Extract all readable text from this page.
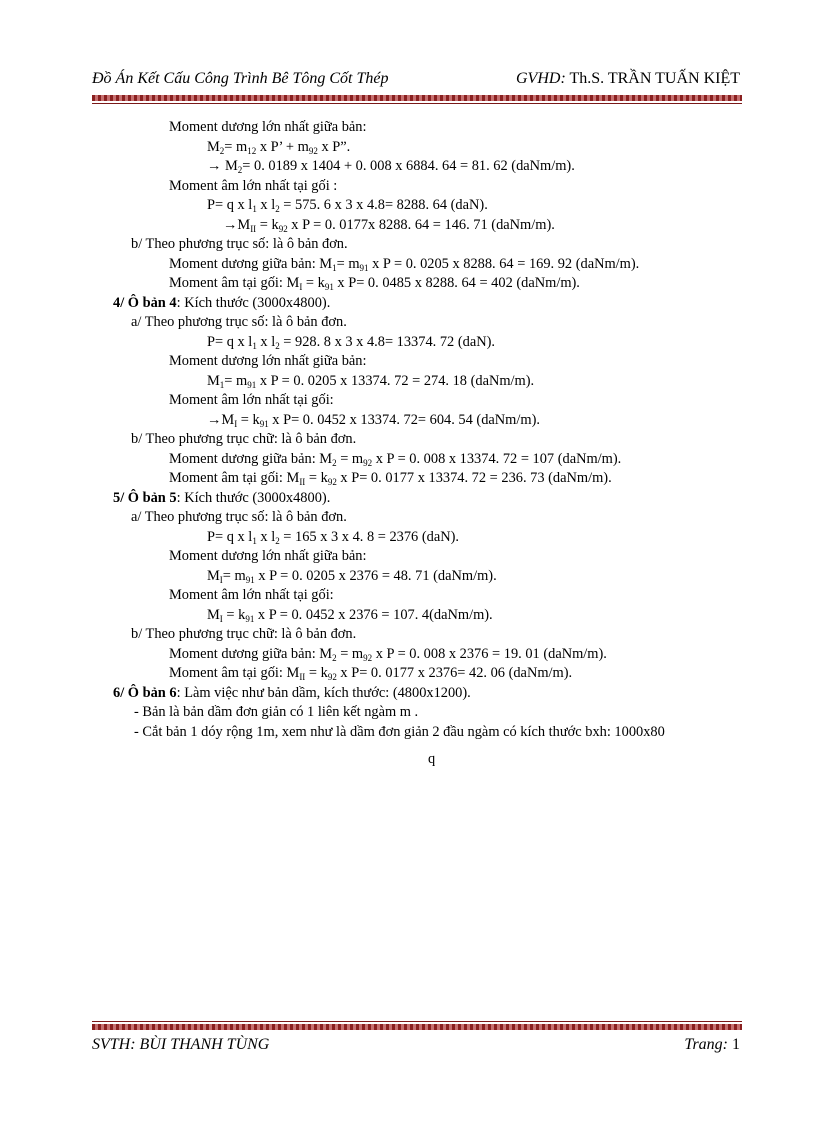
Đồ Án Kết Cấu Công Trình Bê Tông Cốt Thép	GVHD: Th.S. TRẦN TUẤN KIỆT
Moment dương lớn nhất giữa bản:
$M_2= m_{12}$ x P’ + $m_{92}$ x P”.
→ $M_2= 0$. 0189 x 1404 + 0. 008 x 6884. 64 = 81. 62 (daNm/m).
Moment âm lớn nhất tại gối :
P= q x $l_1$ x $l_2 = 575$. 6 x 3 x 4.8= 8288. 64 (daN).
$\to M_{II} = k_{92}$ x P = 0. 0177x 8288. 64 = 146. 71 (daNm/m).
b/ Theo phương trục số: là ô bản đơn.
Moment dương giữa bản: $M_1= m_{91}$ x P = 0. 0205 x 8288. 64 = 169. 92 (daNm/m).
Moment âm tại gối: $M_I = k_{91}$ x P= 0. 0485 x 8288. 64 = 402 (daNm/m).
4/ Ô bản 4: Kích thước (3000x4800).
a/ Theo phương trục số: là ô bản đơn.
P= q x $l_1$ x $l_2 = 928$. 8 x 3 x 4.8= 13374. 72 (daN).
Moment dương lớn nhất giữa bản:
$M_1= m_{91}$ x P = 0. 0205 x 13374. 72 = 274. 18 (daNm/m).
Moment âm lớn nhất tại gối:
$\to M_I = k_{91}$ x P= 0. 0452 x 13374. 72= 604. 54 (daNm/m).
b/ Theo phương trục chữ: là ô bản đơn.
Moment dương giữa bản: $M_2 = m_{92}$ x P = 0. 008 x 13374. 72 = 107 (daNm/m).
Moment âm tại gối: $M_{II} = k_{92}$ x P= 0. 0177 x 13374. 72 = 236. 73 (daNm/m).
5/ Ô bản 5: Kích thước (3000x4800).
a/ Theo phương trục số: là ô bản đơn.
P= q x $l_1$ x $l_2 = 165$ x 3 x 4. 8 = 2376 (daN).
Moment dương lớn nhất giữa bản:
$M_I= m_{91}$ x P = 0. 0205 x 2376 = 48. 71 (daNm/m).
Moment âm lớn nhất tại gối:
$M_I = k_{91}$ x P = 0. 0452 x 2376 = 107. 4(daNm/m).
b/ Theo phương trục chữ: là ô bản đơn.
Moment dương giữa bản: $M_2 = m_{92}$ x P = 0. 008 x 2376 = 19. 01 (daNm/m).
Moment âm tại gối: $M_{II} = k_{92}$ x P= 0. 0177 x 2376= 42. 06 (daNm/m).
6/ Ô bản 6: Làm việc như bản dầm, kích thước: (4800x1200).
- Bản là bản dầm đơn giản có 1 liên kết ngàm m .
- Cắt bản 1 dóy rộng 1m, xem như là dầm đơn giản 2 đầu ngàm có kích thước bxh: 1000x80
q
SVTH: BÙI THANH TÙNG	Trang: 1
